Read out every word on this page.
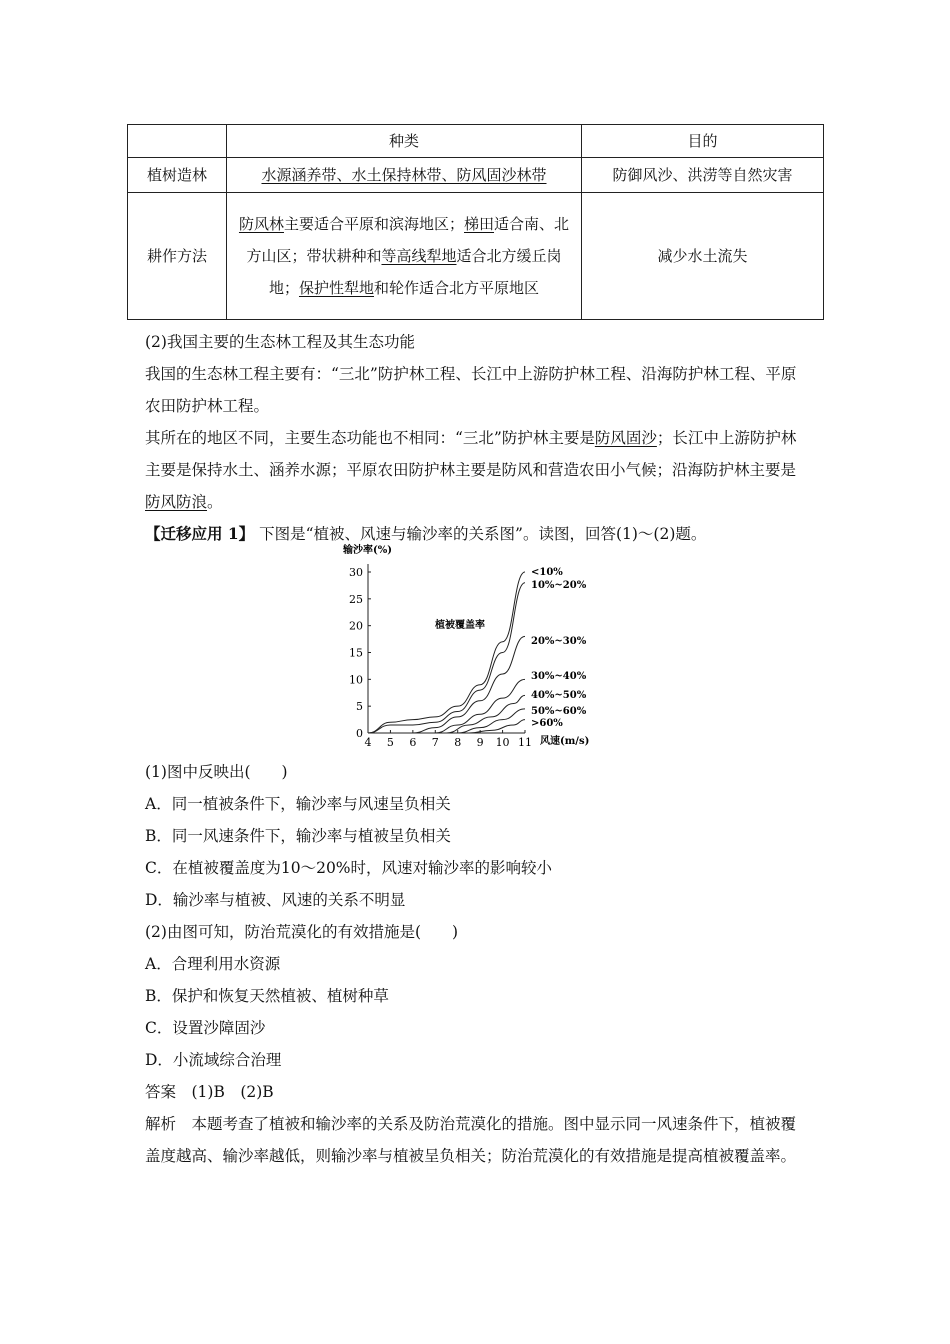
	种类	目的
植树造林	水源涵养带、水土保持林带、防风固沙林带	防御风沙、洪涝等自然灾害
耕作方法	防风林主要适合平原和滨海地区；梯田适合南、北方山区；带状耕种和等高线犁地适合北方缓丘岗地；保护性犁地和轮作适合北方平原地区	减少水土流失

(2)我国主要的生态林工程及其生态功能

我国的生态林工程主要有：“三北”防护林工程、长江中上游防护林工程、沿海防护林工程、平原农田防护林工程。

其所在的地区不同，主要生态功能也不相同：“三北”防护林主要是防风固沙；长江中上游防护林主要是保持水土、涵养水源；平原农田防护林主要是防风和营造农田小气候；沿海防护林主要是防风防浪。

【迁移应用 1】 下图是“植被、风速与输沙率的关系图”。读图，回答(1)～(2)题。
输沙率(%)
植被覆盖率
风速(m/s)
0
5
10
15
20
25
30
4 5 6 7 8 9 10 11
<10%
10%~20%
20%~30%
30%~40%
40%~50%
50%~60%
>60%

(1)图中反映出(　　)

A．同一植被条件下，输沙率与风速呈负相关

B．同一风速条件下，输沙率与植被呈负相关

C．在植被覆盖度为10～20%时，风速对输沙率的影响较小

D．输沙率与植被、风速的关系不明显

(2)由图可知，防治荒漠化的有效措施是(　　)

A．合理利用水资源

B．保护和恢复天然植被、植树种草

C．设置沙障固沙

D．小流域综合治理

答案　(1)B　(2)B

解析　本题考查了植被和输沙率的关系及防治荒漠化的措施。图中显示同一风速条件下，植被覆盖度越高、输沙率越低，则输沙率与植被呈负相关；防治荒漠化的有效措施是提高植被覆盖率。
